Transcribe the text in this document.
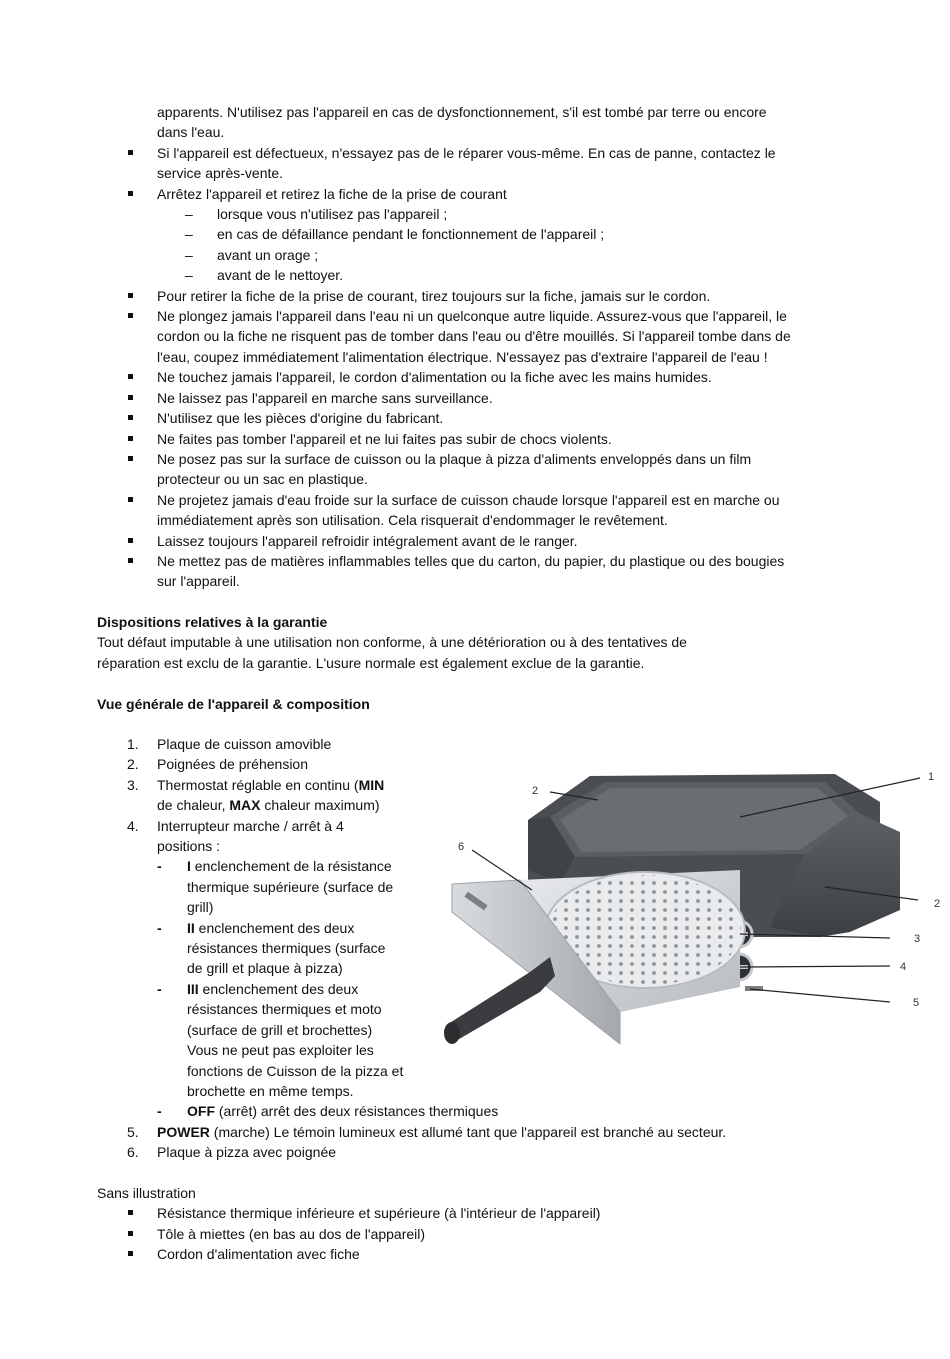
apparents. N'utilisez pas l'appareil en cas de dysfonctionnement, s'il est tombé par terre ou encore
dans l'eau.
Si l'appareil est défectueux, n'essayez pas de le réparer vous-même. En cas de panne, contactez le
service après-vente.
Arrêtez l'appareil et retirez la fiche de la prise de courant
– lorsque vous n'utilisez pas l'appareil ;
– en cas de défaillance pendant le fonctionnement de l'appareil ;
– avant un orage ;
– avant de le nettoyer.
Pour retirer la fiche de la prise de courant, tirez toujours sur la fiche, jamais sur le cordon.
Ne plongez jamais l'appareil dans l'eau ni un quelconque autre liquide. Assurez-vous que l'appareil, le
cordon ou la fiche ne risquent pas de tomber dans l'eau ou d'être mouillés. Si l'appareil tombe dans de
l'eau, coupez immédiatement l'alimentation électrique. N'essayez pas d'extraire l'appareil de l'eau !
Ne touchez jamais l'appareil, le cordon d'alimentation ou la fiche avec les mains humides.
Ne laissez pas l'appareil en marche sans surveillance.
N'utilisez que les pièces d'origine du fabricant.
Ne faites pas tomber l'appareil et ne lui faites pas subir de chocs violents.
Ne posez pas sur la surface de cuisson ou la plaque à pizza d'aliments enveloppés dans un film
protecteur ou un sac en plastique.
Ne projetez jamais d'eau froide sur la surface de cuisson chaude lorsque l'appareil est en marche ou
immédiatement après son utilisation. Cela risquerait d'endommager le revêtement.
Laissez toujours l'appareil refroidir intégralement avant de le ranger.
Ne mettez pas de matières inflammables telles que du carton, du papier, du plastique ou des bougies
sur l'appareil.
Dispositions relatives à la garantie
Tout défaut imputable à une utilisation non conforme, à une détérioration ou à des tentatives de
réparation est exclu de la garantie. L'usure normale est également exclue de la garantie.
Vue générale de l'appareil & composition
1. Plaque de cuisson amovible
2. Poignées de préhension
3. Thermostat réglable en continu (MIN
de chaleur, MAX chaleur maximum)
4. Interrupteur marche / arrêt à 4
positions :
- I enclenchement de la résistance
thermique supérieure (surface de
grill)
- II enclenchement des deux
résistances thermiques (surface
de grill et plaque à pizza)
- III enclenchement des deux
résistances thermiques et moto
(surface de grill et brochettes)
Vous ne peut pas exploiter les
fonctions de Cuisson de la pizza et
brochette en même temps.
- OFF (arrêt) arrêt des deux résistances thermiques
5. POWER (marche) Le témoin lumineux est allumé tant que l'appareil est branché au secteur.
6. Plaque à pizza avec poignée
1
2
2
3
4
5
6
Sans illustration
Résistance thermique inférieure et supérieure (à l'intérieur de l'appareil)
Tôle à miettes (en bas au dos de l'appareil)
Cordon d'alimentation avec fiche
